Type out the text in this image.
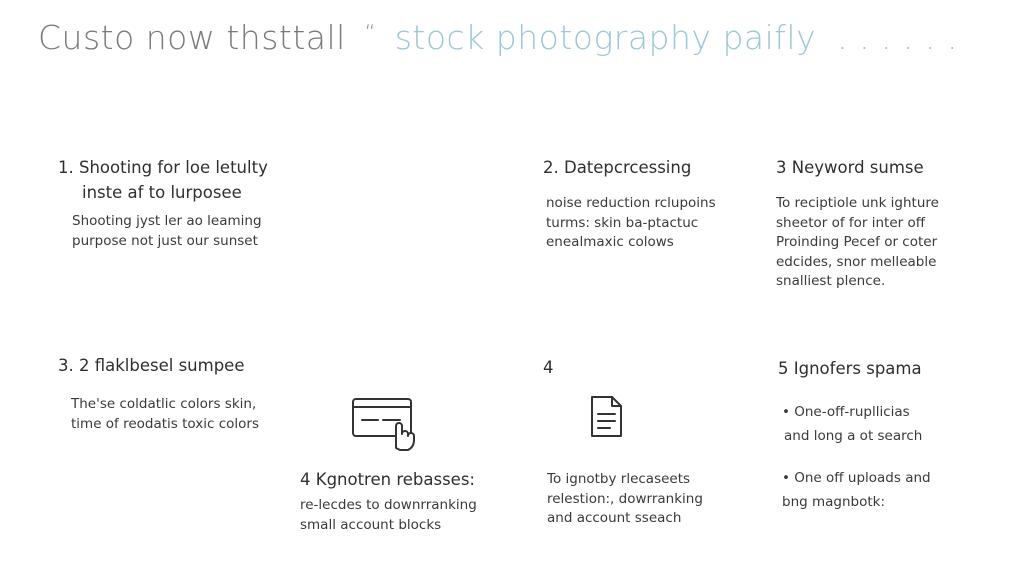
Custo now thsttall “ stock photography paifly . . . . . .
1. Shooting for loe letulty
inste af to lurposee
Shooting jyst ler ao leaming
purpose not just our sunset
2. Datepcrcessing
noise reduction rclupoins
turms: skin ba-ptactuc
enealmaxic colows
3 Neyword sumse
To reciptiole unk ighture
sheetor of for inter off
Proinding Pecef or coter
edcides, snor melleable
snalliest plence.
3. 2 flaklbesel sumpee
The'se coldatlic colors skin,
time of reodatis toxic colors
4 Kgnotren rebasses:
re-lecdes to downrranking
small account blocks
4
To ignotby rlecaseets
relestion:, dowrranking
and account sseach
5 Ignofers spama
• One-off-rupllicias
and long a ot search
• One off uploads and
bng magnbotk:
